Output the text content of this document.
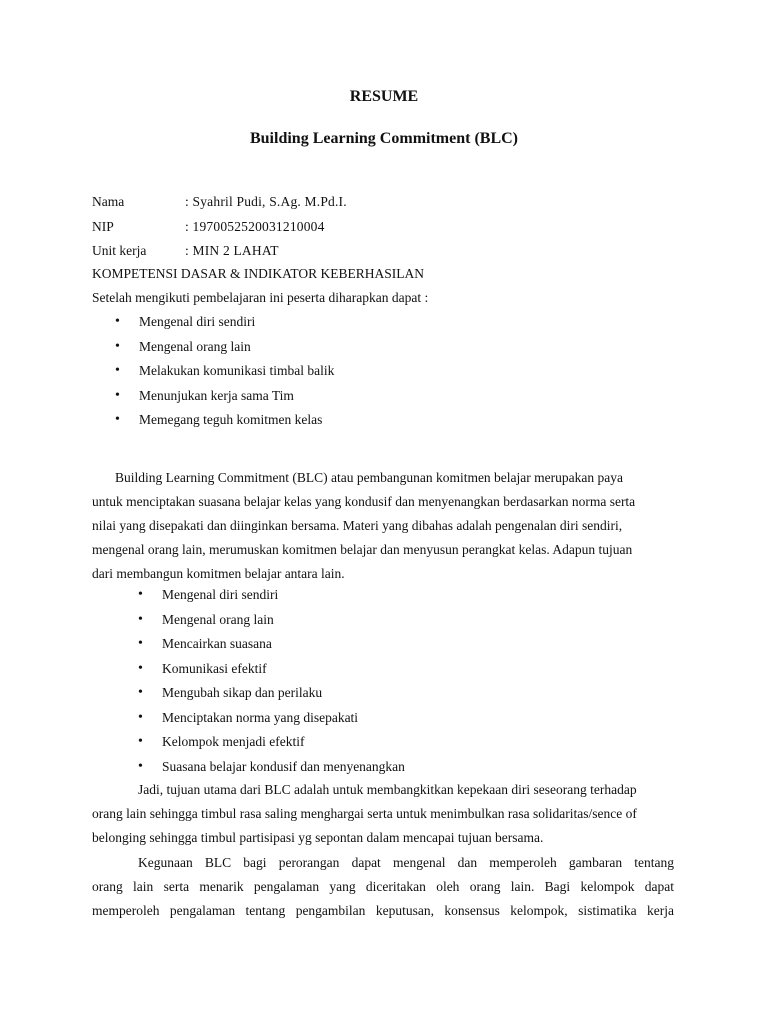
RESUME
Building Learning Commitment (BLC)
Nama	: Syahril Pudi, S.Ag. M.Pd.I.
NIP	: 1970052520031210004
Unit kerja	: MIN 2 LAHAT
KOMPETENSI DASAR & INDIKATOR KEBERHASILAN
Setelah mengikuti pembelajaran ini peserta diharapkan dapat :
• Mengenal diri sendiri
• Mengenal orang lain
• Melakukan komunikasi timbal balik
• Menunjukan kerja sama Tim
• Memegang teguh komitmen kelas
Building Learning Commitment (BLC) atau pembangunan komitmen belajar merupakan paya
untuk menciptakan suasana belajar kelas yang kondusif dan menyenangkan berdasarkan norma serta
nilai yang disepakati dan diinginkan bersama. Materi yang dibahas adalah pengenalan diri sendiri,
mengenal orang lain, merumuskan komitmen belajar dan menyusun perangkat kelas. Adapun tujuan
dari membangun komitmen belajar antara lain.
• Mengenal diri sendiri
• Mengenal orang lain
• Mencairkan suasana
• Komunikasi efektif
• Mengubah sikap dan perilaku
• Menciptakan norma yang disepakati
• Kelompok menjadi efektif
• Suasana belajar kondusif dan menyenangkan
Jadi, tujuan utama dari BLC adalah untuk membangkitkan kepekaan diri seseorang terhadap
orang lain sehingga timbul rasa saling menghargai serta untuk menimbulkan rasa solidaritas/sence of
belonging sehingga timbul partisipasi yg sepontan dalam mencapai tujuan bersama.
Kegunaan BLC bagi perorangan dapat mengenal dan memperoleh gambaran tentang
orang lain serta menarik pengalaman yang diceritakan oleh orang lain. Bagi kelompok dapat
memperoleh pengalaman tentang pengambilan keputusan, konsensus kelompok, sistimatika kerja
